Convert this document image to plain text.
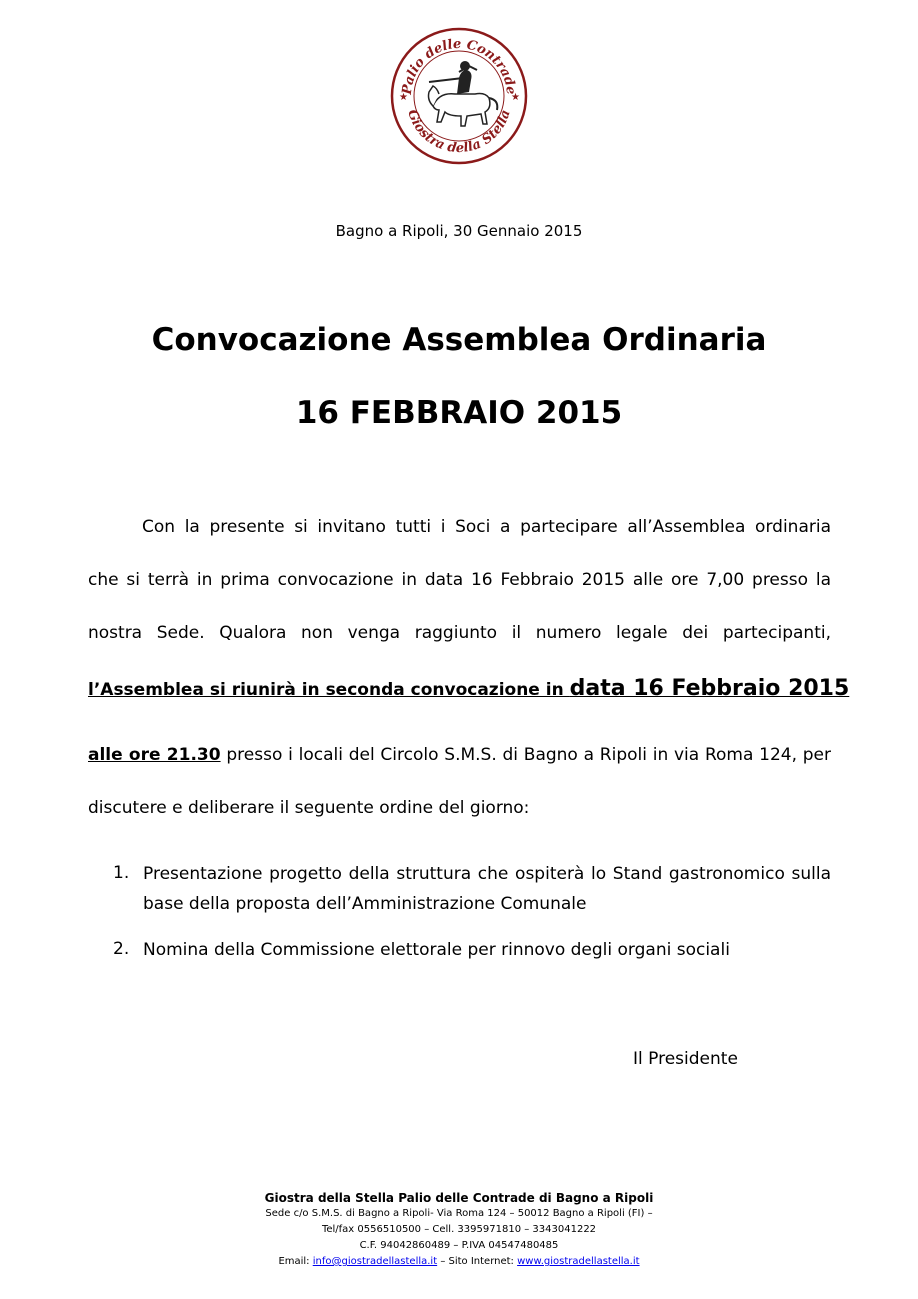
Palio delle Contrade
Giostra della Stella
★	★
Bagno a Ripoli, 30 Gennaio 2015
Convocazione Assemblea Ordinaria
16 FEBBRAIO 2015
Con la presente si invitano tutti i Soci a partecipare all’Assemblea ordinaria
che si terrà in prima convocazione in data 16 Febbraio 2015 alle ore 7,00 presso la
nostra Sede. Qualora non venga raggiunto il numero legale dei partecipanti,
l’Assemblea si riunirà in seconda convocazione in data 16 Febbraio 2015
alle ore 21.30 presso i locali del Circolo S.M.S. di Bagno a Ripoli in via Roma 124, per
discutere e deliberare il seguente ordine del giorno:
1. Presentazione progetto della struttura che ospiterà lo Stand gastronomico sulla base della proposta dell’Amministrazione Comunale
2. Nomina della Commissione elettorale per rinnovo degli organi sociali
Il Presidente
Giostra della Stella Palio delle Contrade di Bagno a Ripoli
Sede c/o S.M.S. di Bagno a Ripoli- Via Roma 124 – 50012 Bagno a Ripoli (FI) –
Tel/fax 0556510500 – Cell. 3395971810 – 3343041222
C.F. 94042860489 – P.IVA 04547480485
Email: info@giostradellastella.it – Sito Internet: www.giostradellastella.it
